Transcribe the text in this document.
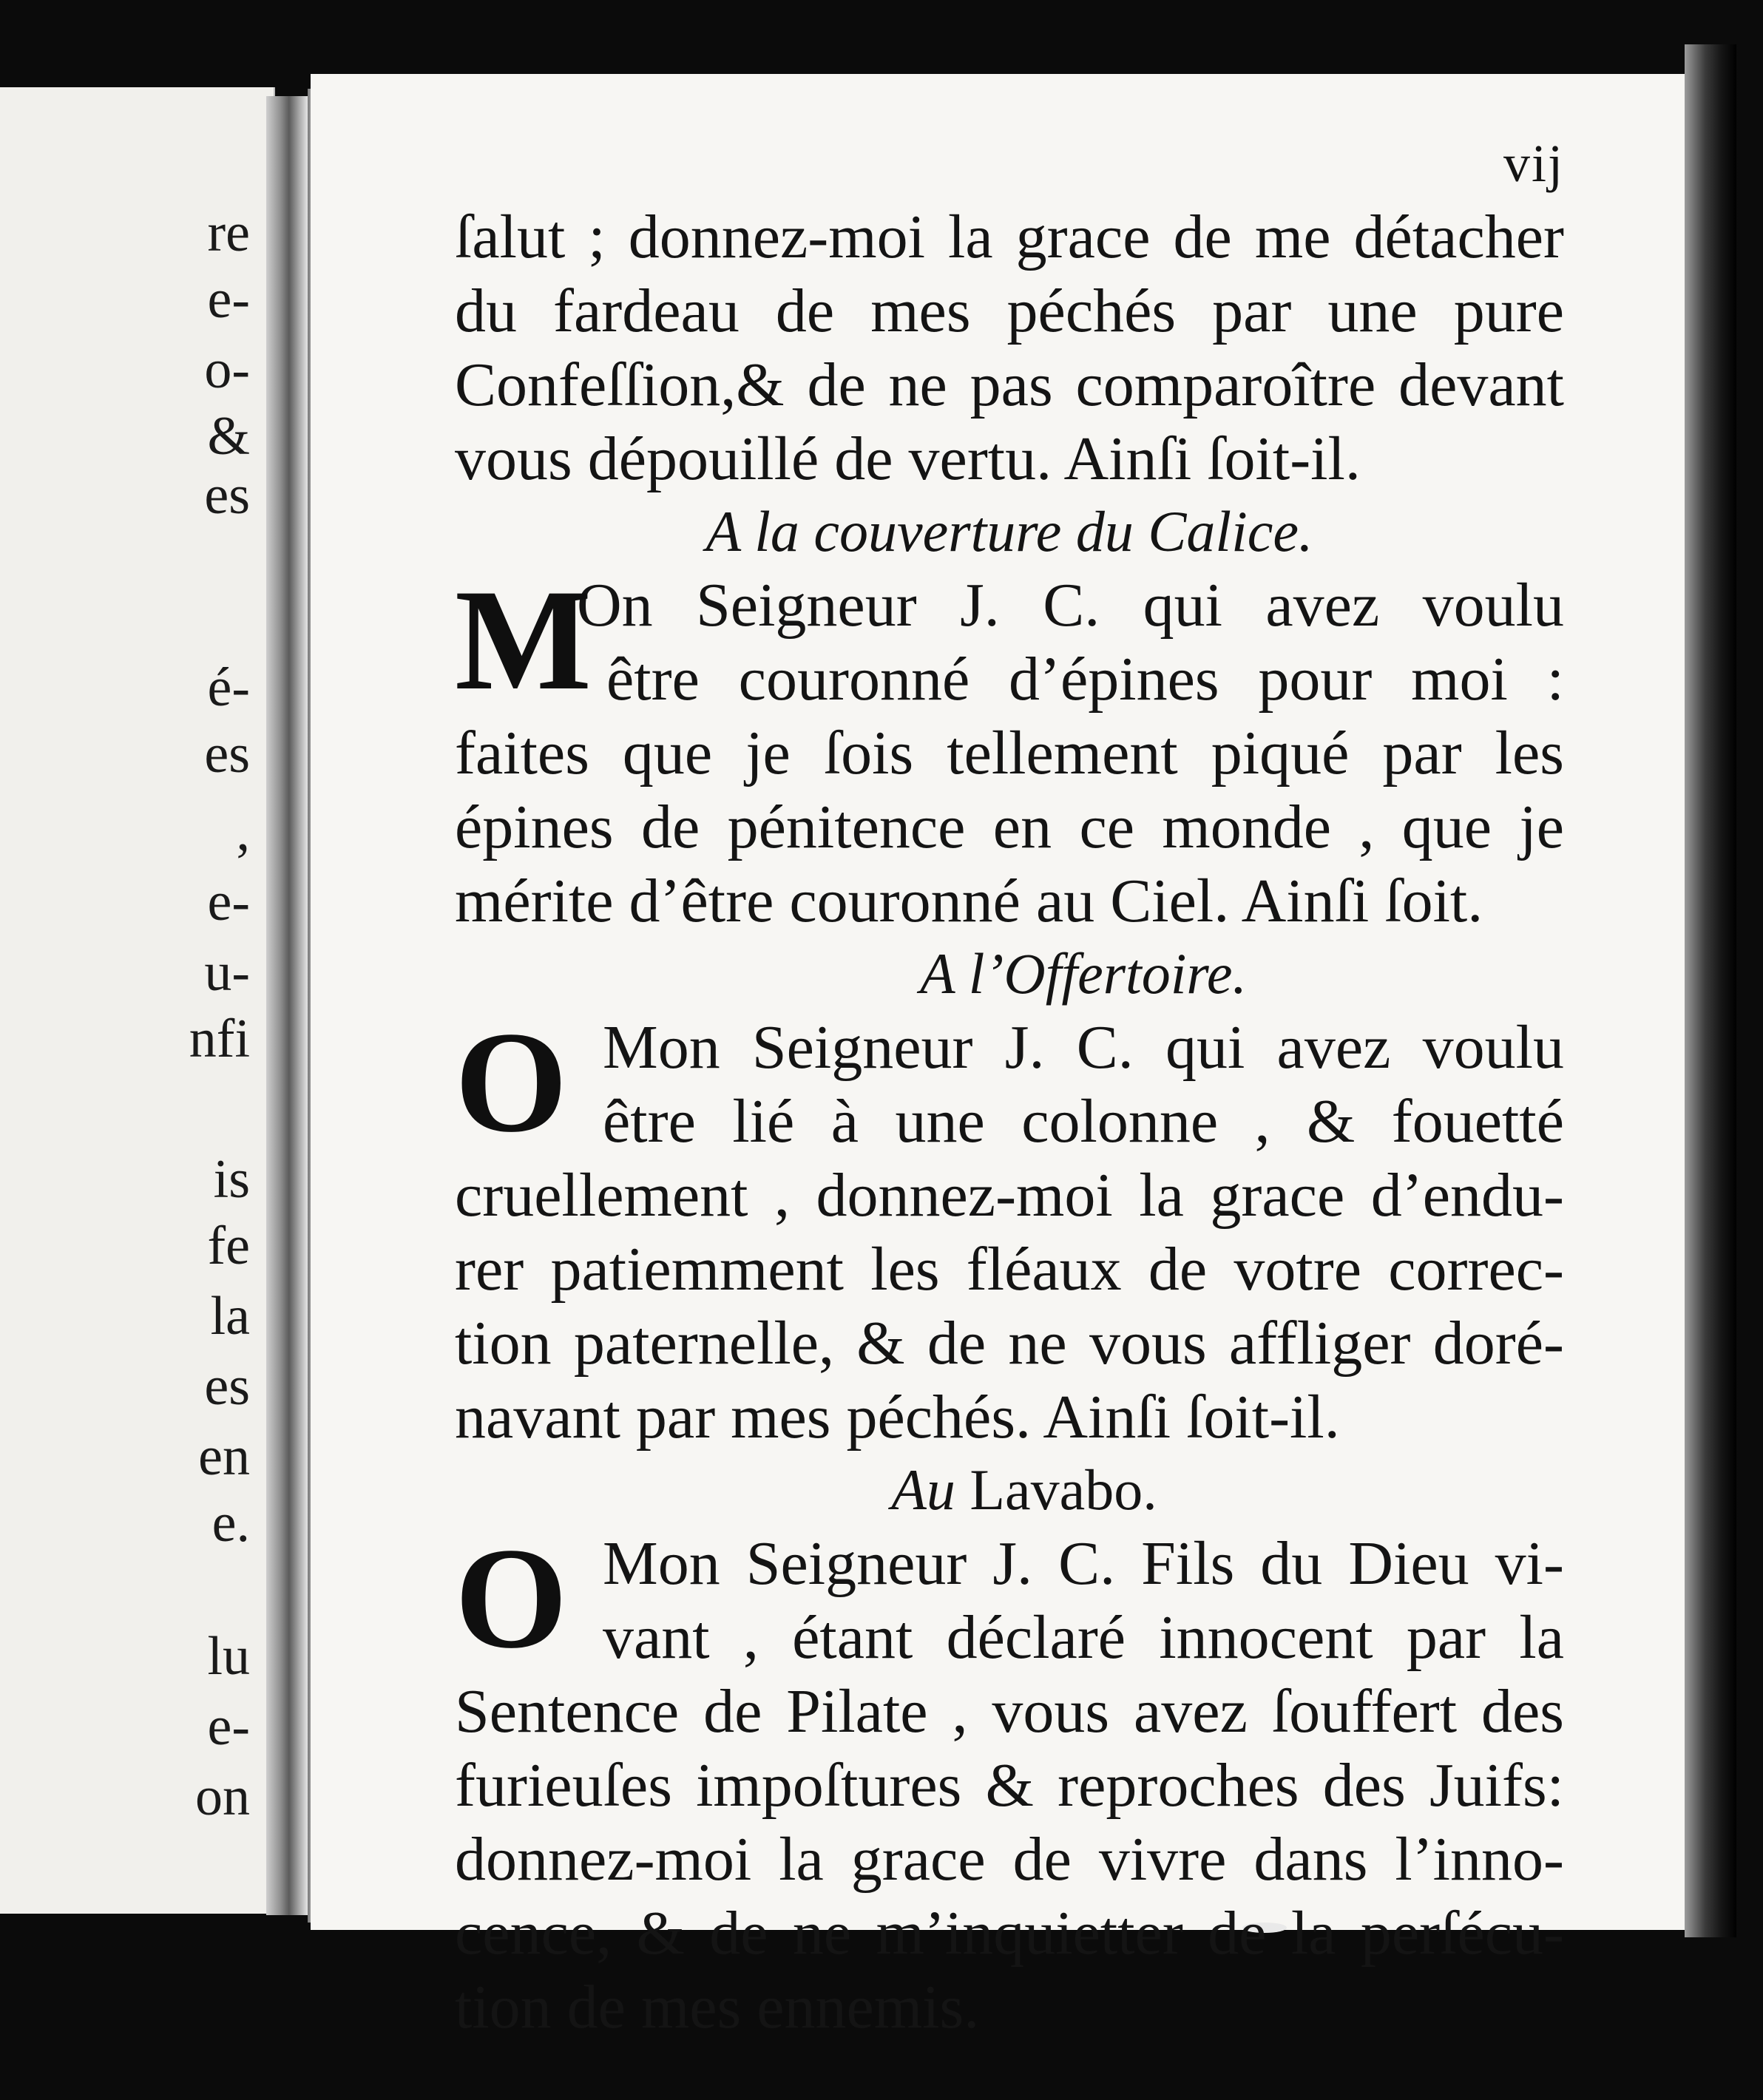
re
e-
o-
&
es
é-
es
,
e-
u-
nfi
is
fe
la
es
en
e.
lu
e-
on
vij
ſalut ; donnez-moi la grace de me détacher
du fardeau de mes péchés par une pure
Confeſſion,& de ne pas comparoître devant
vous dépouillé de vertu. Ainſi ſoit-il.
A la couverture du Calice.
M
On Seigneur J. C. qui avez voulu
être couronné d’épines pour moi :
faites que je ſois tellement piqué par les
épines de pénitence en ce monde , que je
mérite d’être couronné au Ciel. Ainſi ſoit.
A l’Offertoire.
O Mon Seigneur J. C. qui avez voulu
être lié à une colonne , & fouetté
cruellement , donnez-moi la grace d’endu-
rer patiemment les fléaux de votre correc-
tion paternelle, & de ne vous affliger doré-
navant par mes péchés. Ainſi ſoit-il.
Au Lavabo.
O Mon Seigneur J. C. Fils du Dieu vi-
vant , étant déclaré innocent par la
Sentence de Pilate , vous avez ſouffert des
furieuſes impoſtures & reproches des Juifs:
donnez-moi la grace de vivre dans l’inno-
cence, & de ne m’inquietter de la perſécu-
tion de mes ennemis.
